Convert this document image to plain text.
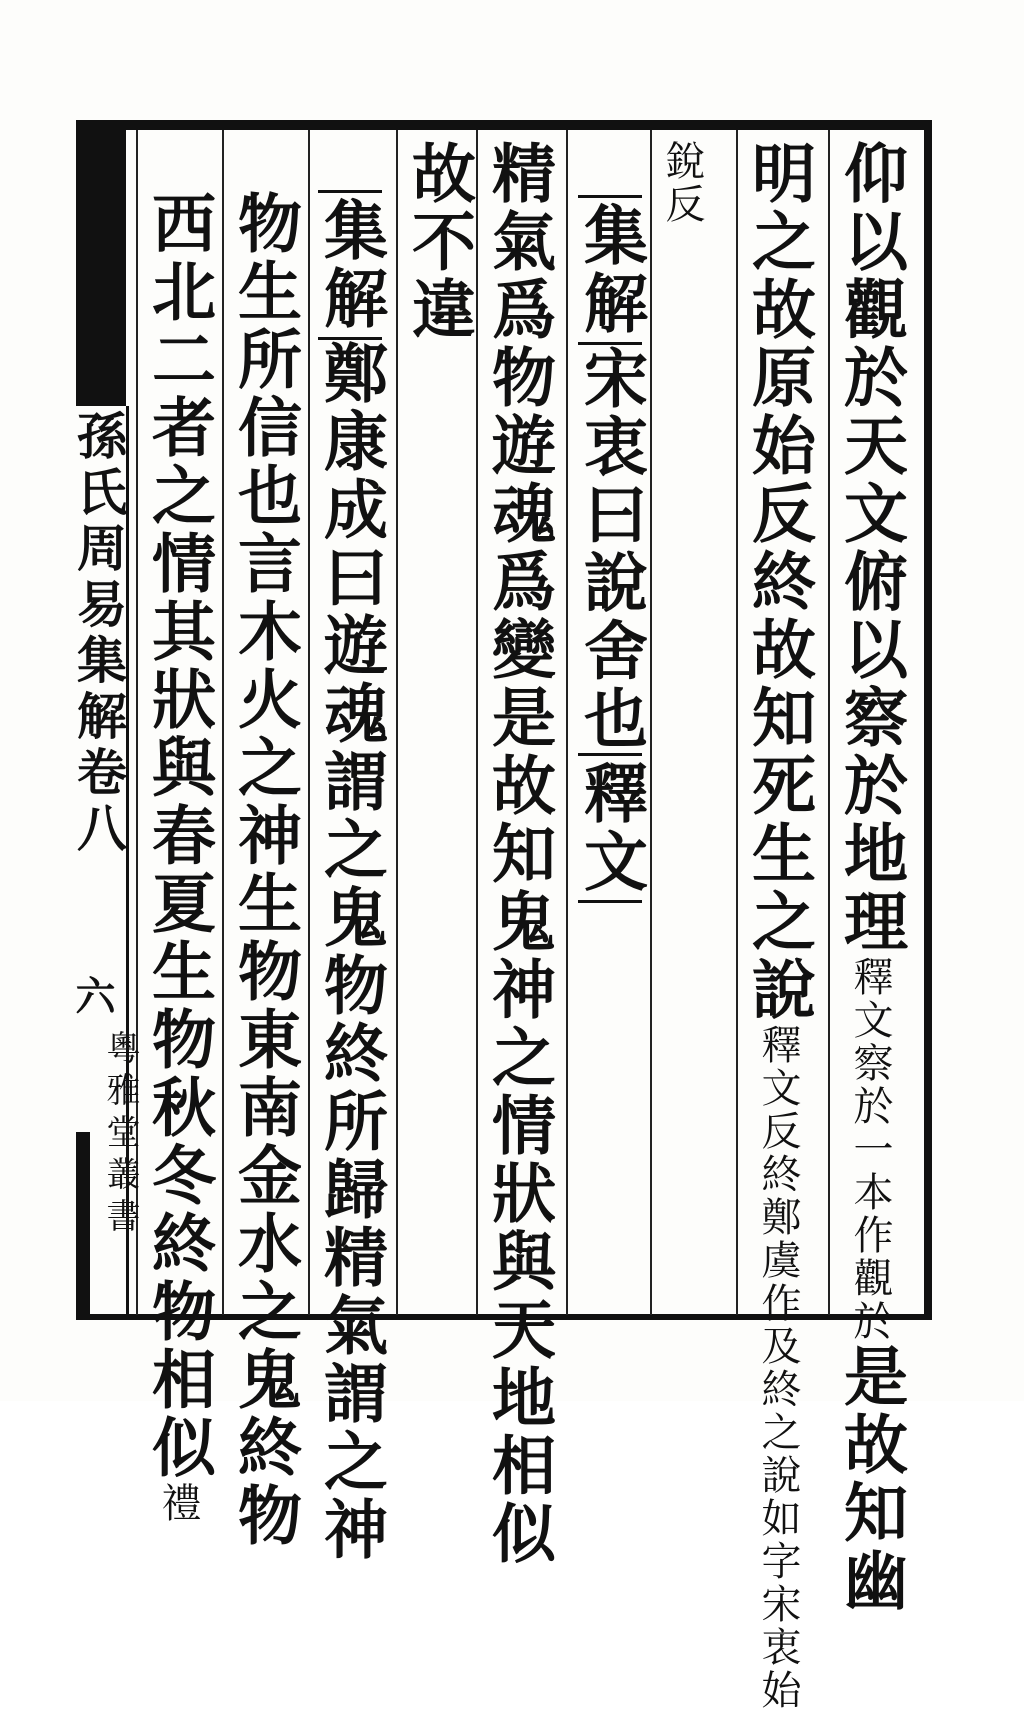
仰以觀於天文俯以察於地理釋文察於一本作觀於是故知幽
明之故原始反終故知死生之說釋文反終鄭虞作及終之說如字宋衷始
銳反
集解宋衷曰說舍也釋文
精氣爲物遊魂爲變是故知鬼神之情狀與天地相似
故不違
集解鄭康成曰遊魂謂之鬼物終所歸精氣謂之神
物生所信也言木火之神生物東南金水之鬼終物
西北二者之情其狀與春夏生物秋冬終物相似禮
孫氏周易集解卷八
六
粵雅堂叢書
